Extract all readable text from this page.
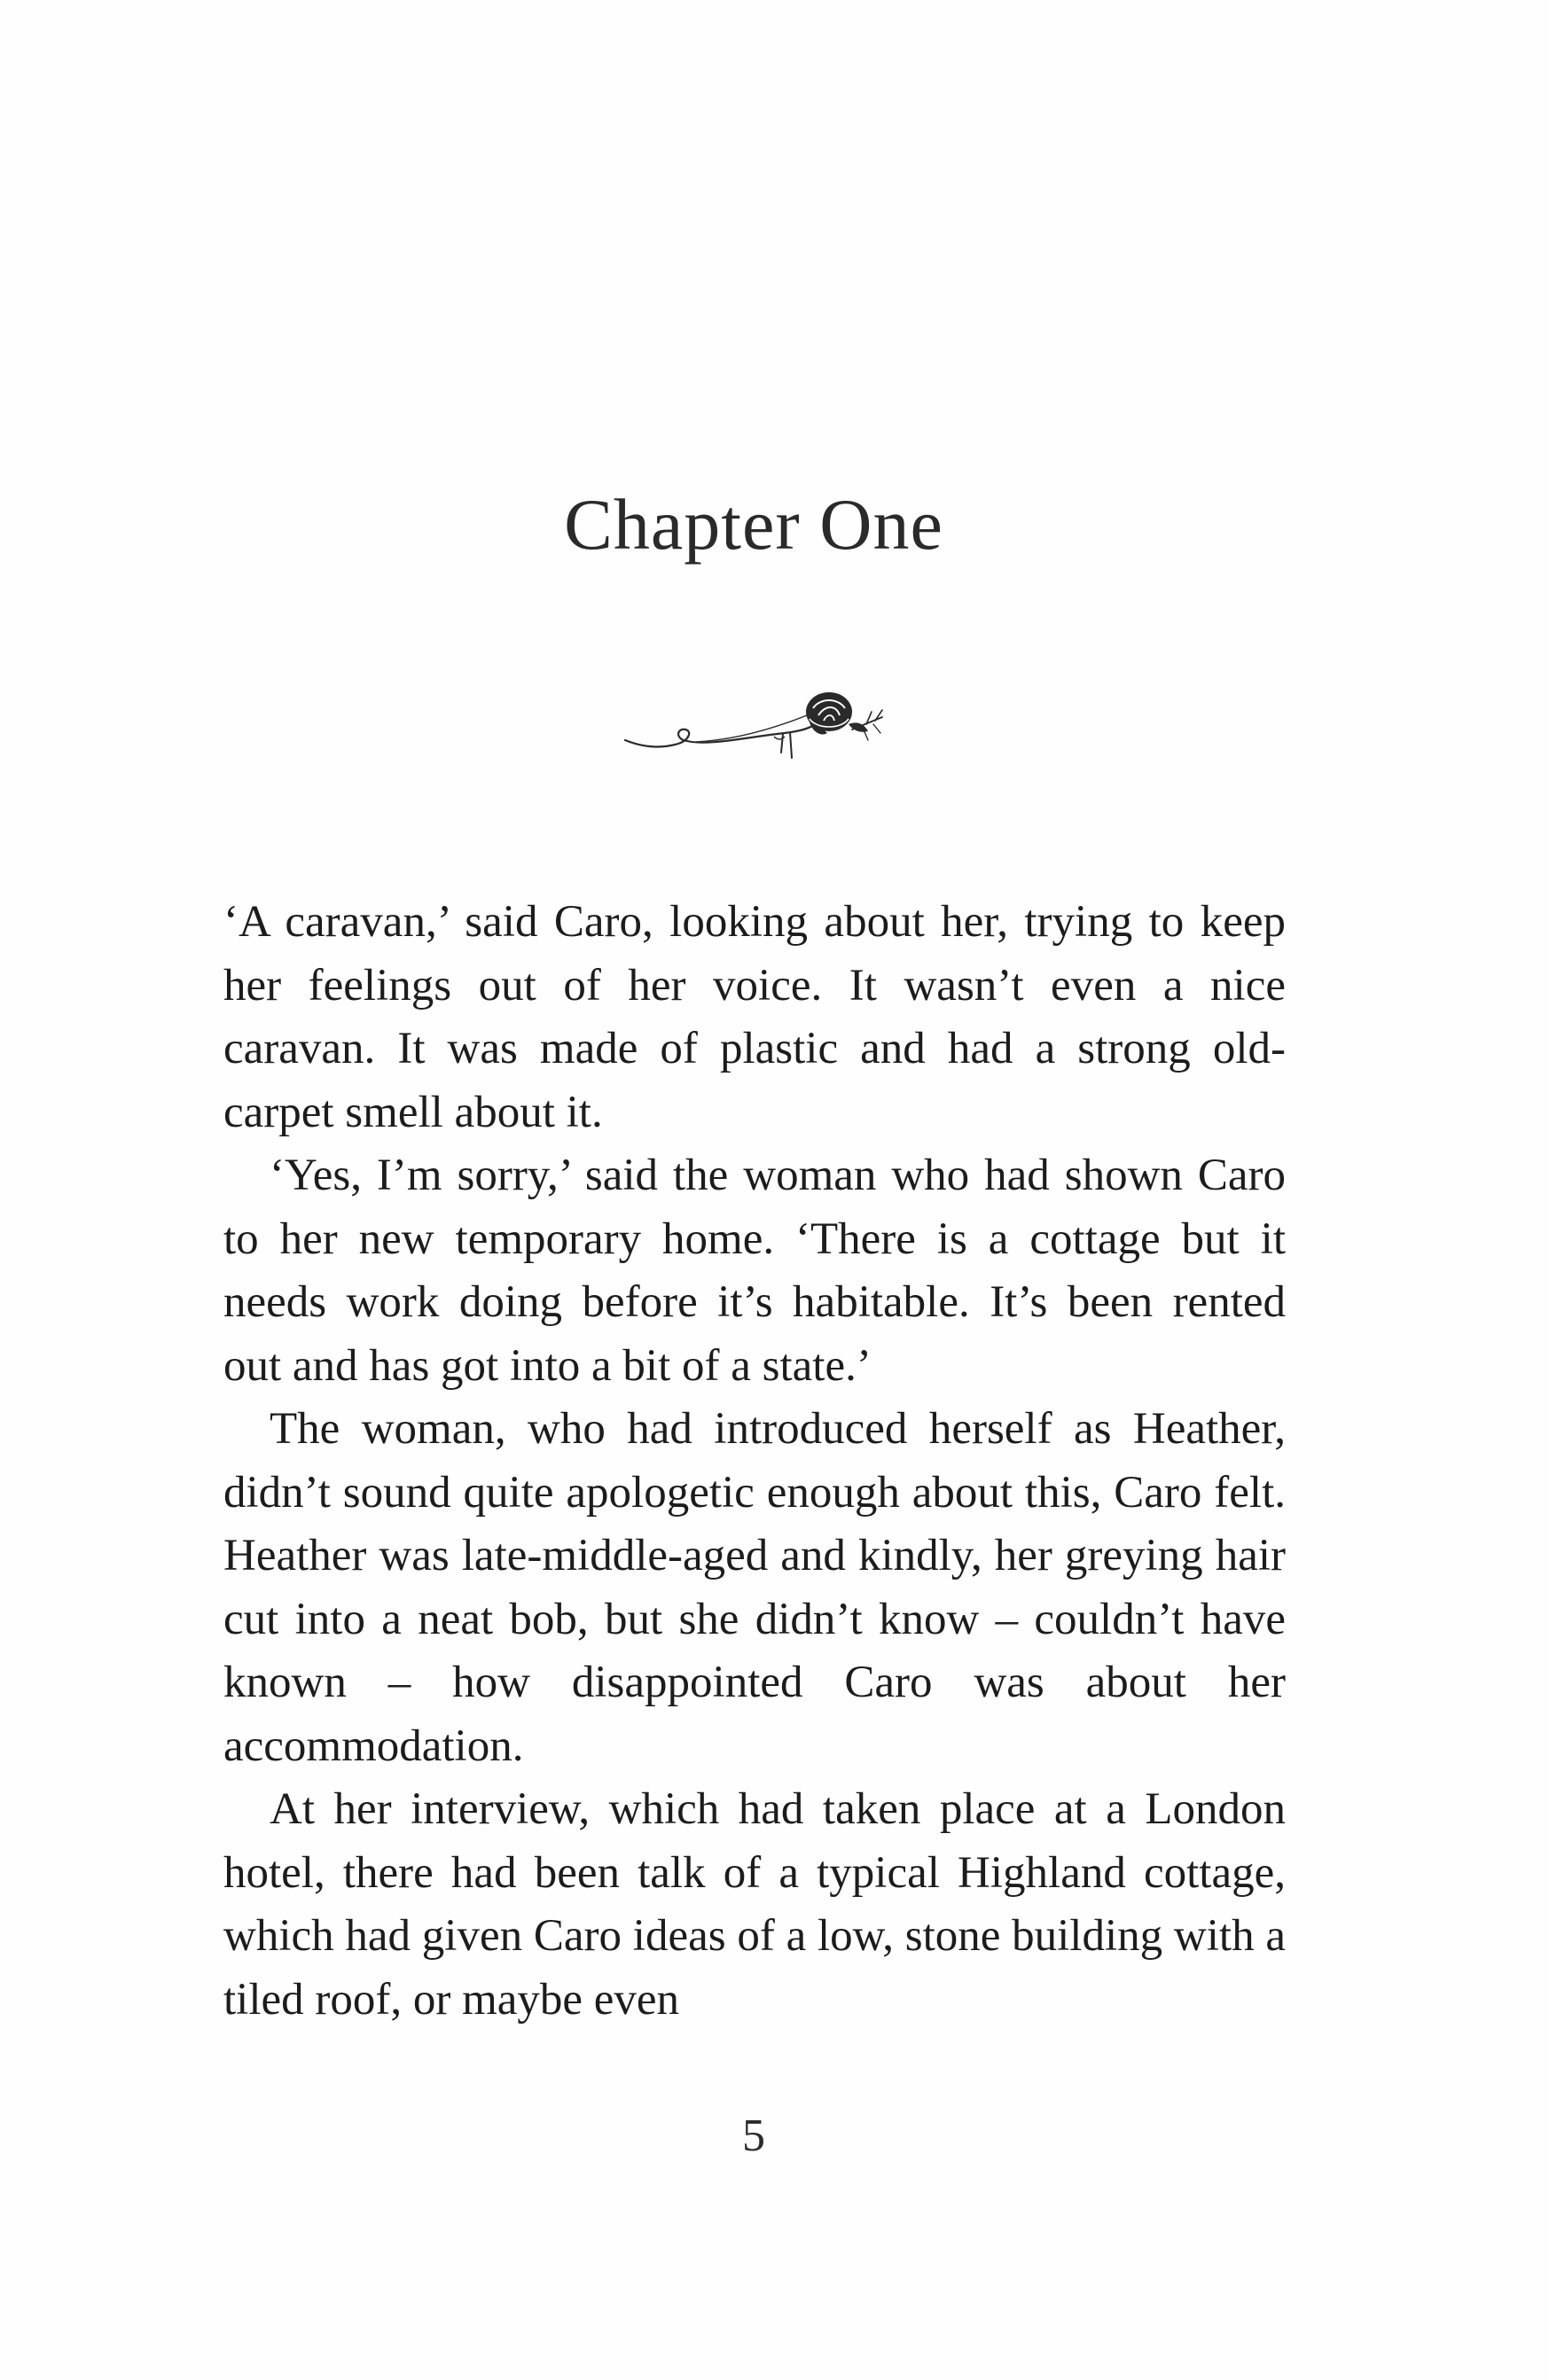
Chapter One

‘A caravan,’ said Caro, looking about her, trying to keep her feelings out of her voice. It wasn’t even a nice caravan. It was made of plastic and had a strong old-carpet smell about it.

‘Yes, I’m sorry,’ said the woman who had shown Caro to her new temporary home. ‘There is a cottage but it needs work doing before it’s habitable. It’s been rented out and has got into a bit of a state.’

The woman, who had introduced herself as Heather, didn’t sound quite apologetic enough about this, Caro felt. Heather was late-middle-aged and kindly, her greying hair cut into a neat bob, but she didn’t know – couldn’t have known – how disappointed Caro was about her accommodation.

At her interview, which had taken place at a London hotel, there had been talk of a typical Highland cottage, which had given Caro ideas of a low, stone building with a tiled roof, or maybe even

5
